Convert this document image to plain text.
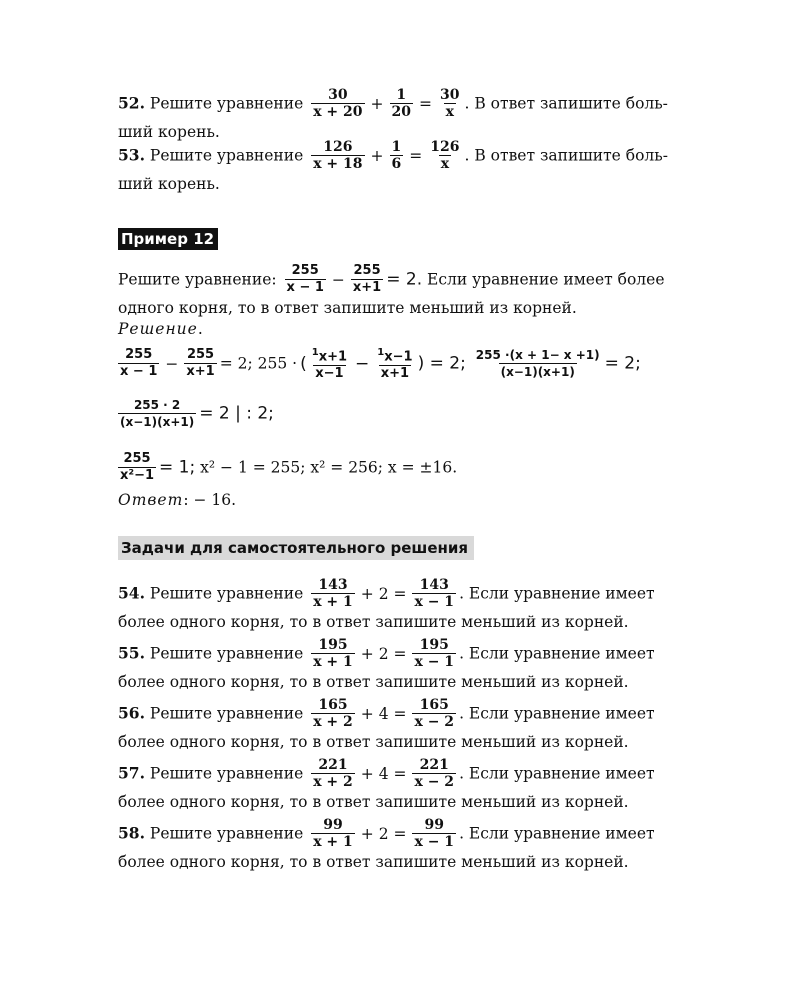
52. Решите уравнение $\frac{30}{x + 20} + \frac{1}{20} = \frac{30}{x}$ . В ответ запишите боль-

ший корень.

53. Решите уравнение $\frac{126}{x + 18} + \frac{1}{6} = \frac{126}{x}$ . В ответ запишите боль-

ший корень.

Пример 12

Решите уравнение: $\frac{255}{x - 1} - \frac{255}{x+1} = 2$. Если уравнение имеет более

одного корня, то в ответ запишите меньший из корней.

Решение.
$\frac{255}{x - 1} - \frac{255}{x+1} = 2$; 255 · ( $\frac{^1x+1}{x-1} - \frac{^1x-1}{x+1}$ ) = 2; $\frac{255 \cdot(x + 1- x +1)}{(x-1)(x+1)} = 2$;
$\frac{255 \cdot 2}{(x-1)(x+1)} = 2$ | : 2;
$\frac{255}{\text{x²−1}} = 1$; x² − 1 = 255; x² = 256; x = ±16.
Ответ: − 16.
Задачи для самостоятельного решения

54. Решите уравнение $\frac{143}{x + 1} + 2 = \frac{143}{x - 1}$ . Если уравнение имеет

более одного корня, то в ответ запишите меньший из корней.

55. Решите уравнение $\frac{195}{x + 1} + 2 = \frac{195}{x - 1}$ . Если уравнение имеет

более одного корня, то в ответ запишите меньший из корней.

56. Решите уравнение $\frac{165}{x + 2} + 4 = \frac{165}{x - 2}$ . Если уравнение имеет

более одного корня, то в ответ запишите меньший из корней.

57. Решите уравнение $\frac{221}{x + 2} + 4 = \frac{221}{x - 2}$ . Если уравнение имеет

более одного корня, то в ответ запишите меньший из корней.

58. Решите уравнение $\frac{99}{x + 1} + 2 = \frac{99}{x - 1}$ . Если уравнение имеет

более одного корня, то в ответ запишите меньший из корней.
